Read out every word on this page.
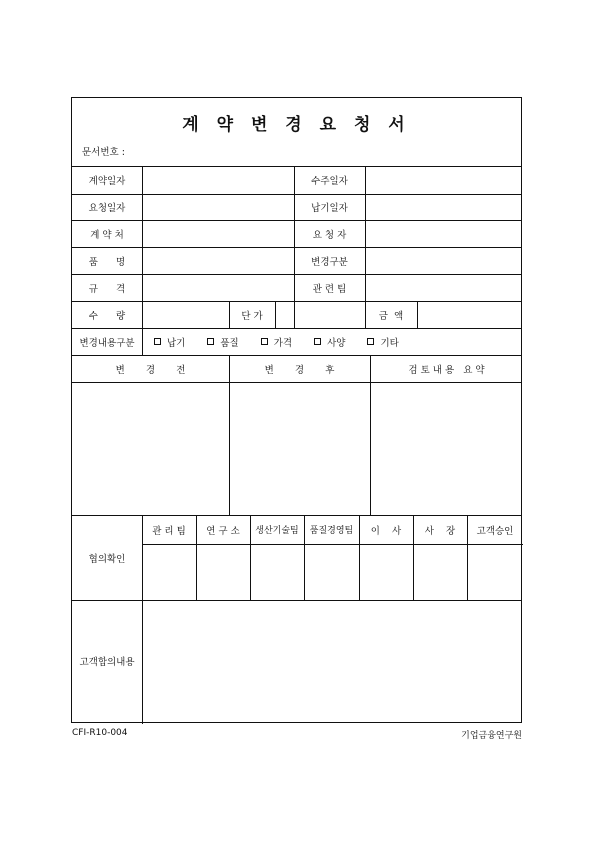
계 약 변 경 요 청 서
문서번호 :
계약일자	수주일자
요청일자	납기일자
계 약 처	요 청 자
품      명	변경구분
규      격	관 련 팀
수      량	단 가	금  액
변경내용구분	납기	품질	가격	사양	기타
변       경       전	변       경       후	검 토 내 용   요 약
협의확인
관 리 팀	연 구 소	생산기술팀	품질경영팀	이    사	사    장	고객승인
고객합의내용
CFI-R10-004	기업금융연구원
